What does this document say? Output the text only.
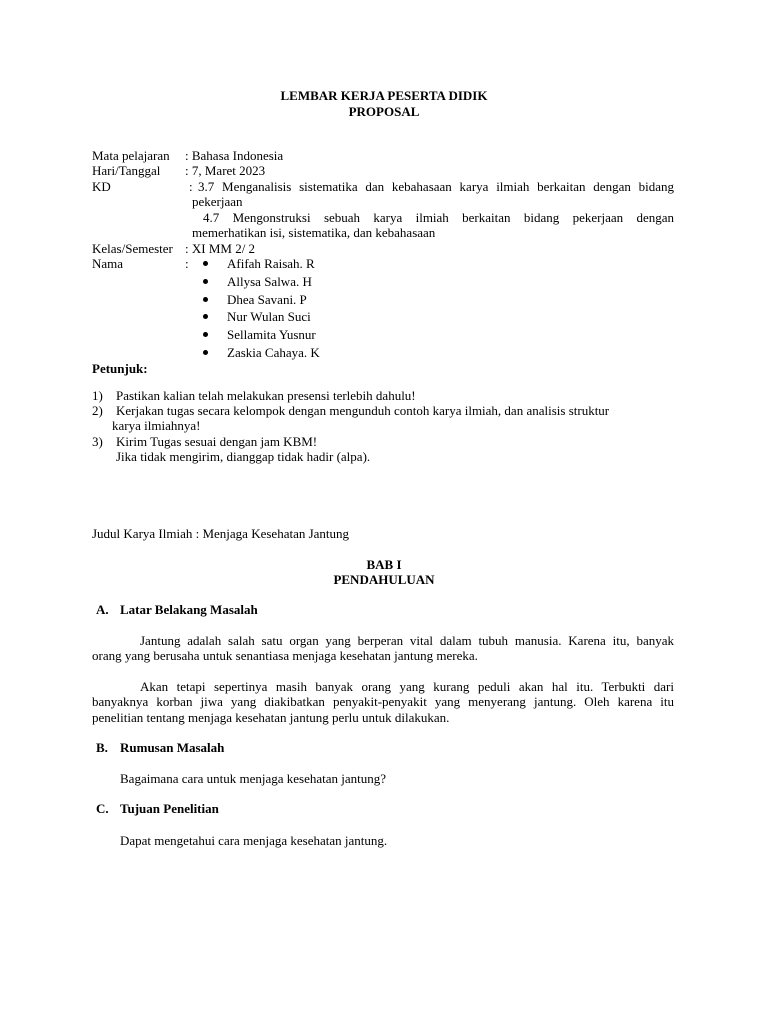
LEMBAR KERJA PESERTA DIDIK
PROPOSAL
Mata pelajaran : Bahasa Indonesia
Hari/Tanggal : 7, Maret 2023
KD	: 3.7 Menganalisis sistematika dan kebahasaan karya ilmiah berkaitan dengan bidang
pekerjaan
4.7 Mengonstruksi sebuah karya ilmiah berkaitan bidang pekerjaan dengan
memerhatikan isi, sistematika, dan kebahasaan
Kelas/Semester : XI MM 2/ 2
Nama	:	Afifah Raisah. R
Allysa Salwa. H
Dhea Savani. P
Nur Wulan Suci
Sellamita Yusnur
Zaskia Cahaya. K
Petunjuk:
1) Pastikan kalian telah melakukan presensi terlebih dahulu!
2) Kerjakan tugas secara kelompok dengan mengunduh contoh karya ilmiah, dan analisis struktur
karya ilmiahnya!
3) Kirim Tugas sesuai dengan jam KBM!
Jika tidak mengirim, dianggap tidak hadir (alpa).
Judul Karya Ilmiah : Menjaga Kesehatan Jantung
BAB I
PENDAHULUAN
A. Latar Belakang Masalah
Jantung adalah salah satu organ yang berperan vital dalam tubuh manusia. Karena itu, banyak
orang yang berusaha untuk senantiasa menjaga kesehatan jantung mereka.
Akan tetapi sepertinya masih banyak orang yang kurang peduli akan hal itu. Terbukti dari
banyaknya korban jiwa yang diakibatkan penyakit-penyakit yang menyerang jantung. Oleh karena itu
penelitian tentang menjaga kesehatan jantung perlu untuk dilakukan.
B. Rumusan Masalah
Bagaimana cara untuk menjaga kesehatan jantung?
C. Tujuan Penelitian
Dapat mengetahui cara menjaga kesehatan jantung.
